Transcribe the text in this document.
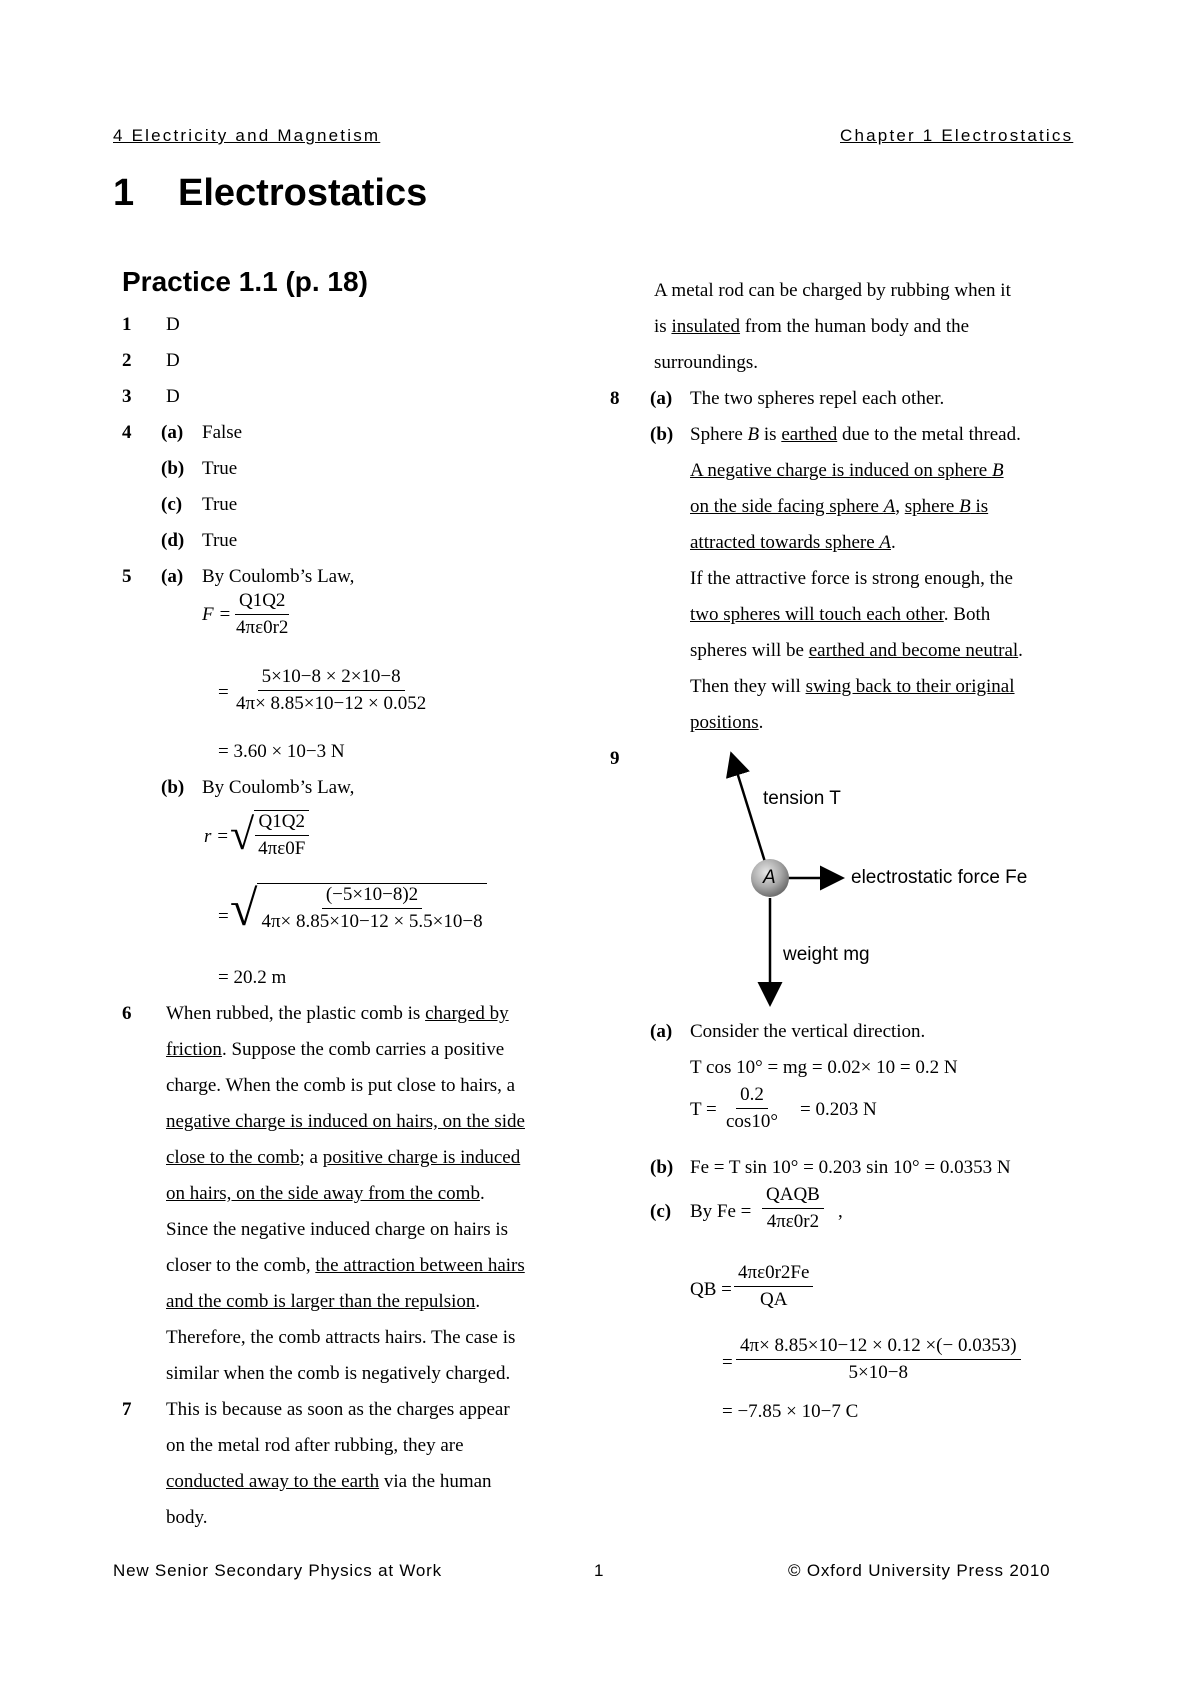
4 Electricity and Magnetism	Chapter 1 Electrostatics
1 Electrostatics
Practice 1.1 (p. 18)
1 D
2 D
3 D
4 (a) False
(b) True
(c) True
(d) True
5 (a) By Coulomb’s Law,
$F = \frac{Q1Q2}{4\pi\varepsilon 0r2}$
= $\frac{5\times 10-8 \times 2\times 10-8}{4\pi\times 8.85\times 10-12 \times 0.052}$
= 3.60 × 10−3 N
(b) By Coulomb’s Law,
r = √ $\frac{Q1Q2}{4\pi\varepsilon 0F}$
= √ $\frac{(-5\times 10-8)2}{4\pi\times 8.85\times 10-12 \times 5.5\times 10-8}$
= 20.2 m
6 When rubbed, the plastic comb is charged by
friction. Suppose the comb carries a positive
charge. When the comb is put close to hairs, a
negative charge is induced on hairs, on the side
close to the comb; a positive charge is induced
on hairs, on the side away from the comb.
Since the negative induced charge on hairs is
closer to the comb, the attraction between hairs
and the comb is larger than the repulsion.
Therefore, the comb attracts hairs. The case is
similar when the comb is negatively charged.
7 This is because as soon as the charges appear
on the metal rod after rubbing, they are
conducted away to the earth via the human
body.
A metal rod can be charged by rubbing when it
is insulated from the human body and the
surroundings.
8 (a) The two spheres repel each other.
(b) Sphere B is earthed due to the metal thread.
A negative charge is induced on sphere B
on the side facing sphere A, sphere B is
attracted towards sphere A.
If the attractive force is strong enough, the
two spheres will touch each other. Both
spheres will be earthed and become neutral.
Then they will swing back to their original
positions.
9
tension T
A	electrostatic force Fe
weight mg
(a) Consider the vertical direction.
T cos 10° = mg = 0.02× 10 = 0.2 N
$T = \frac{0.2}{\cos 10^\circ} = 0.203$ N
(b) Fe = T sin 10° = 0.203 sin 10° = 0.0353 N
(c) By $Fe = \frac{\text{QAQB}}{4\pi\varepsilon 0r2}$ ,
QB = $\frac{4\pi\varepsilon 0r2Fe}{QA}$
= $\frac{4\pi\times 8.85\times 10-12 \times 0.12 \times(- 0.0353)}{5\times 10-8}$
= −7.85 × 10−7 C
New Senior Secondary Physics at Work	1	© Oxford University Press 2010
